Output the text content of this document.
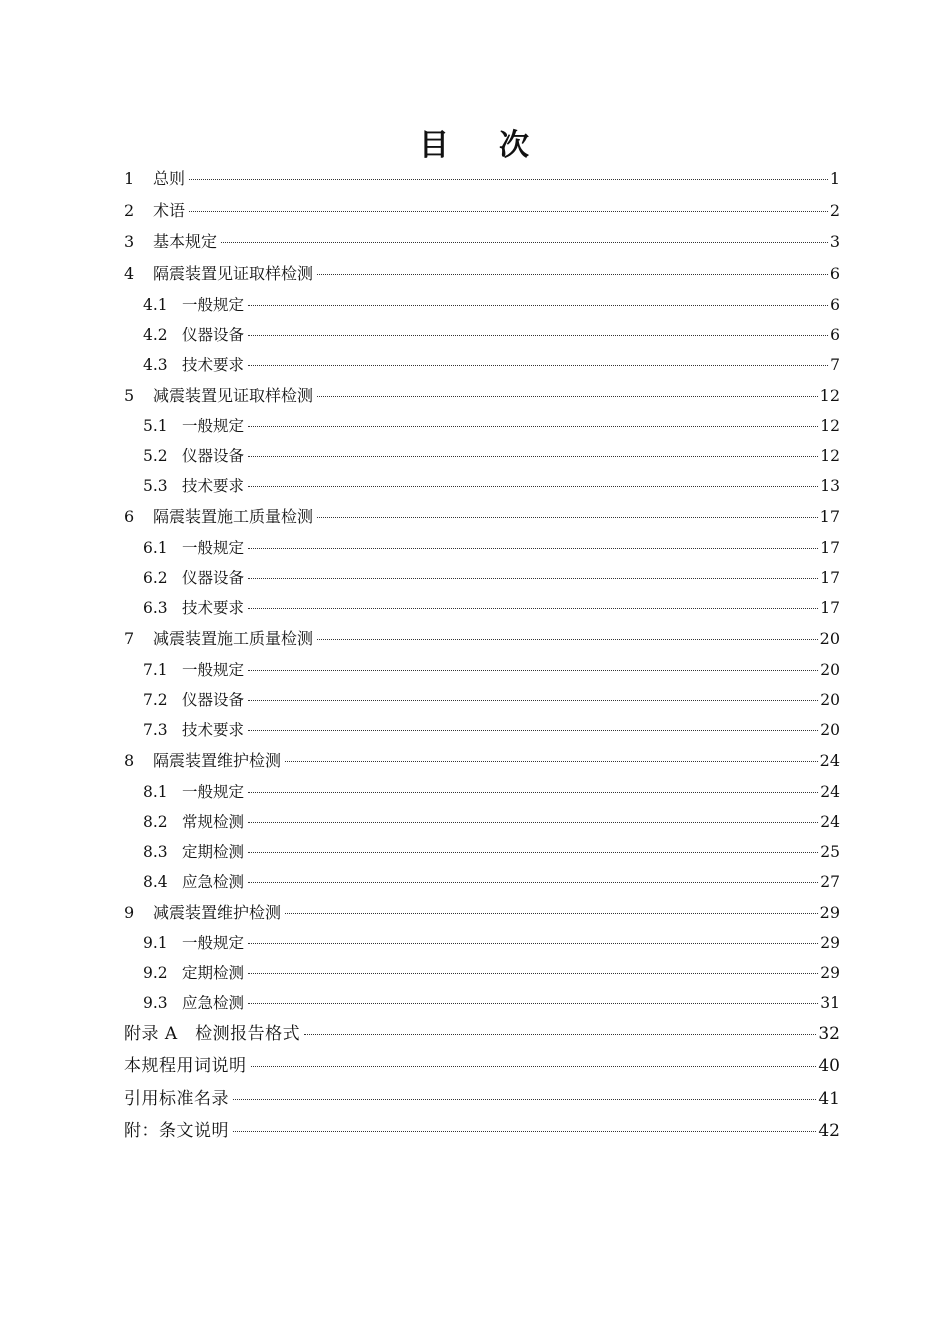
目 次
1	总则	1
2	术语	2
3	基本规定	3
4	隔震装置见证取样检测	6
4.1 一般规定	6
4.2 仪器设备	6
4.3 技术要求	7
5	减震装置见证取样检测	12
5.1 一般规定	12
5.2 仪器设备	12
5.3 技术要求	13
6	隔震装置施工质量检测	17
6.1 一般规定	17
6.2 仪器设备	17
6.3 技术要求	17
7	减震装置施工质量检测	20
7.1 一般规定	20
7.2 仪器设备	20
7.3 技术要求	20
8	隔震装置维护检测	24
8.1 一般规定	24
8.2 常规检测	24
8.3 定期检测	25
8.4 应急检测	27
9	减震装置维护检测	29
9.1 一般规定	29
9.2 定期检测	29
9.3 应急检测	31
附录 A　检测报告格式	32
本规程用词说明	40
引用标准名录	41
附：条文说明	42
